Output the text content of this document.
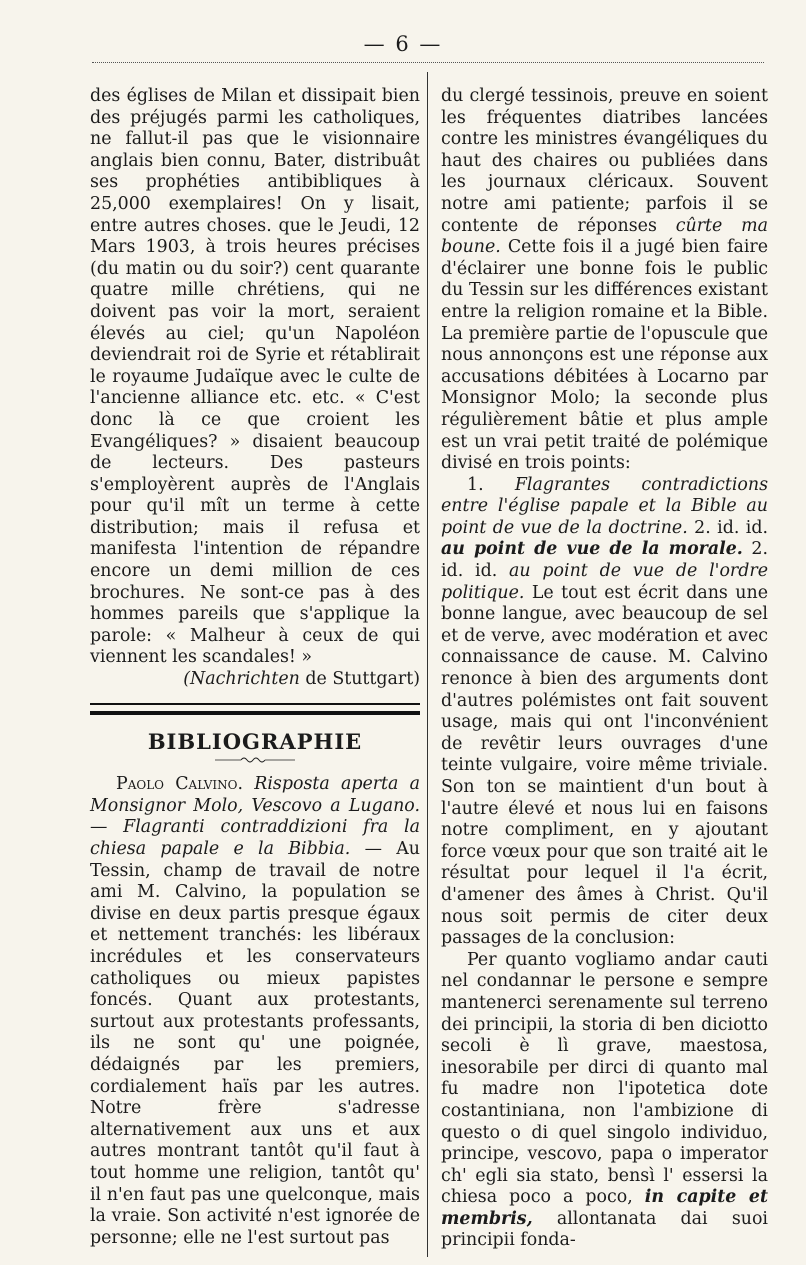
— 6 —

des églises de Milan et dissipait bien des préjugés parmi les catholiques, ne fallut-il pas que le visionnaire anglais bien connu, Bater, distribuât ses prophéties antibibliques à 25,000 exemplaires! On y lisait, entre autres choses. que le Jeudi, 12 Mars 1903, à trois heures précises (du matin ou du soir?) cent quarante quatre mille chrétiens, qui ne doivent pas voir la mort, seraient élevés au ciel; qu'un Napoléon deviendrait roi de Syrie et rétablirait le royaume Judaïque avec le culte de l'ancienne alliance etc. etc. « C'est donc là ce que croient les Evangéliques? » disaient beaucoup de lecteurs. Des pasteurs s'employèrent auprès de l'Anglais pour qu'il mît un terme à cette distribution; mais il refusa et manifesta l'intention de répandre encore un demi million de ces brochures. Ne sont-ce pas à des hommes pareils que s'applique la parole: « Malheur à ceux de qui viennent les scandales! »

(Nachrichten de Stuttgart)

BIBLIOGRAPHIE

Paolo Calvino. Risposta aperta a Monsignor Molo, Vescovo a Lugano. — Flagranti contraddizioni fra la chiesa papale e la Bibbia. — Au Tessin, champ de travail de notre ami M. Calvino, la population se divise en deux partis presque égaux et nettement tranchés: les libéraux incrédules et les conservateurs catholiques ou mieux papistes foncés. Quant aux protestants, surtout aux protestants professants, ils ne sont qu' une poignée, dédaignés par les premiers, cordialement haïs par les autres. Notre frère s'adresse alternativement aux uns et aux autres montrant tantôt qu'il faut à tout homme une religion, tantôt qu' il n'en faut pas une quelconque, mais la vraie. Son activité n'est ignorée de personne; elle ne l'est surtout pas

du clergé tessinois, preuve en soient les fréquentes diatribes lancées contre les ministres évangéliques du haut des chaires ou publiées dans les journaux cléricaux. Souvent notre ami patiente; parfois il se contente de réponses cûrte ma boune. Cette fois il a jugé bien faire d'éclairer une bonne fois le public du Tessin sur les différences existant entre la religion romaine et la Bible. La première partie de l'opuscule que nous annonçons est une réponse aux accusations débitées à Locarno par Monsignor Molo; la seconde plus régulièrement bâtie et plus ample est un vrai petit traité de polémique divisé en trois points:

1. Flagrantes contradictions entre l'église papale et la Bible au point de vue de la doctrine. 2. id. id. au point de vue de la morale. 2. id. id. au point de vue de l'ordre politique. Le tout est écrit dans une bonne langue, avec beaucoup de sel et de verve, avec modération et avec connaissance de cause. M. Calvino renonce à bien des arguments dont d'autres polémistes ont fait souvent usage, mais qui ont l'inconvénient de revêtir leurs ouvrages d'une teinte vulgaire, voire même triviale. Son ton se maintient d'un bout à l'autre élevé et nous lui en faisons notre compliment, en y ajoutant force vœux pour que son traité ait le résultat pour lequel il l'a écrit, d'amener des âmes à Christ. Qu'il nous soit permis de citer deux passages de la conclusion:

Per quanto vogliamo andar cauti nel condannar le persone e sempre mantenerci serenamente sul terreno dei principii, la storia di ben diciotto secoli è lì grave, maestosa, inesorabile per dirci di quanto mal fu madre non l'ipotetica dote costantiniana, non l'ambizione di questo o di quel singolo individuo, principe, vescovo, papa o imperator ch' egli sia stato, bensì l' essersi la chiesa poco a poco, in capite et membris, allontanata dai suoi principii fonda-
